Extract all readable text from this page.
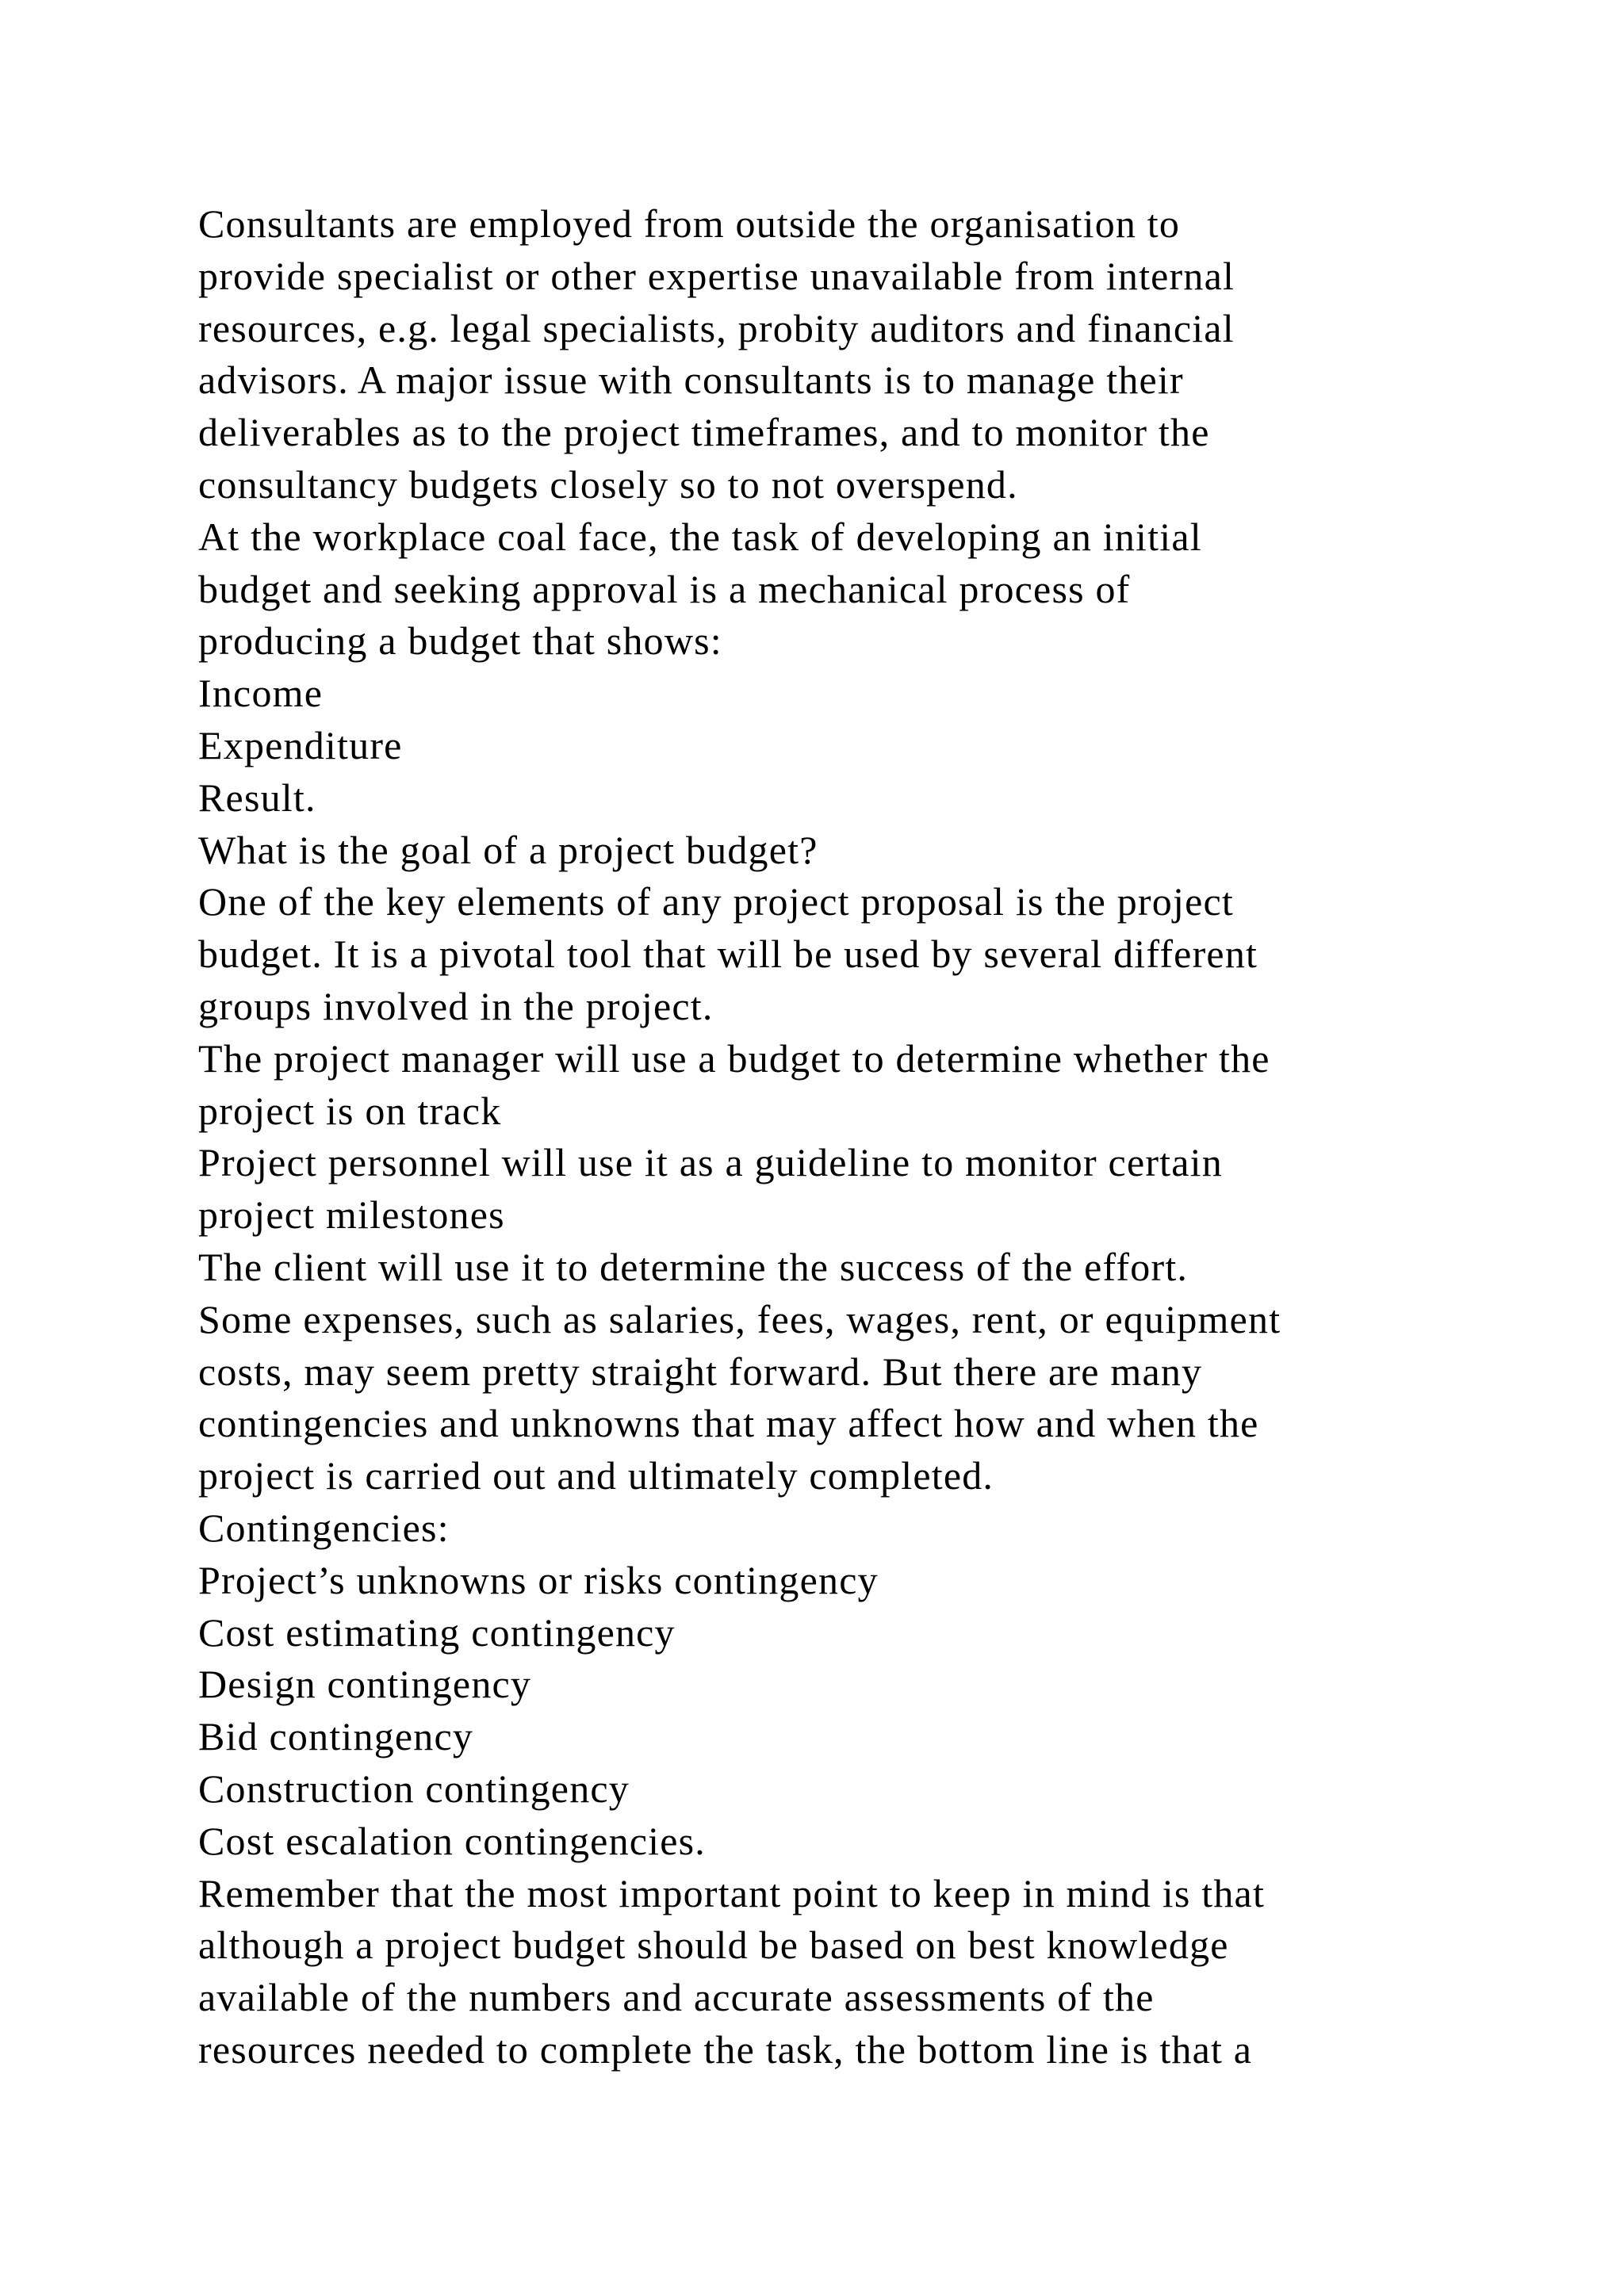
Consultants are employed from outside the organisation to
provide specialist or other expertise unavailable from internal
resources, e.g. legal specialists, probity auditors and financial
advisors. A major issue with consultants is to manage their
deliverables as to the project timeframes, and to monitor the
consultancy budgets closely so to not overspend.
At the workplace coal face, the task of developing an initial
budget and seeking approval is a mechanical process of
producing a budget that shows:
Income
Expenditure
Result.
What is the goal of a project budget?
One of the key elements of any project proposal is the project
budget. It is a pivotal tool that will be used by several different
groups involved in the project.
The project manager will use a budget to determine whether the
project is on track
Project personnel will use it as a guideline to monitor certain
project milestones
The client will use it to determine the success of the effort.
Some expenses, such as salaries, fees, wages, rent, or equipment
costs, may seem pretty straight forward. But there are many
contingencies and unknowns that may affect how and when the
project is carried out and ultimately completed.
Contingencies:
Project’s unknowns or risks contingency
Cost estimating contingency
Design contingency
Bid contingency
Construction contingency
Cost escalation contingencies.
Remember that the most important point to keep in mind is that
although a project budget should be based on best knowledge
available of the numbers and accurate assessments of the
resources needed to complete the task, the bottom line is that a
